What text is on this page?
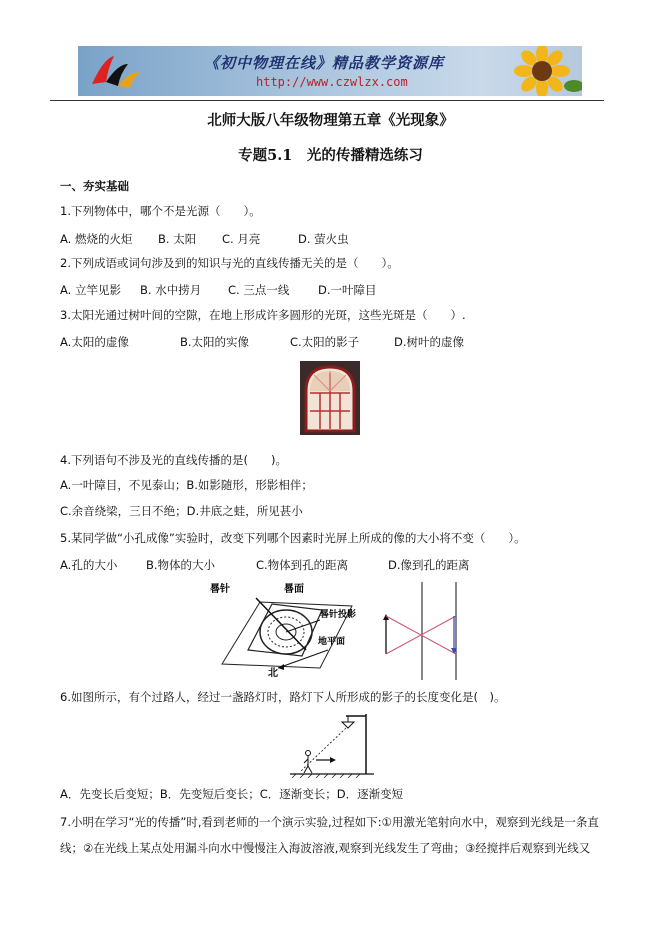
《初中物理在线》精品教学资源库
http://www.czwlzx.com
北师大版八年级物理第五章《光现象》
专题5.1　光的传播精选练习
一、夯实基础
1.下列物体中，哪个不是光源（　　）。
A. 燃烧的火炬 B. 太阳 C. 月亮	D. 萤火虫
2.下列成语或词句涉及到的知识与光的直线传播无关的是（　　）。
A. 立竿见影 B. 水中捞月 C. 三点一线 D.一叶障目
3.太阳光通过树叶间的空隙，在地上形成许多圆形的光斑，这些光斑是（　　）.
A.太阳的虚像	B.太阳的实像	C.太阳的影子	D.树叶的虚像
4.下列语句不涉及光的直线传播的是(　　)。
A.一叶障目，不见泰山；B.如影随形，形影相伴；
C.余音绕梁，三日不绝；D.井底之蛙，所见甚小
5.某同学做“小孔成像”实验时，改变下列哪个因素时光屏上所成的像的大小将不变（　　）。
A.孔的大小 B.物体的大小	C.物体到孔的距离	D.像到孔的距离
晷针	晷面
晷针投影
地平面
北
6.如图所示，有个过路人，经过一盏路灯时，路灯下人所形成的影子的长度变化是(　)。
A．先变长后变短；B．先变短后变长；C．逐渐变长；D．逐渐变短
7.小明在学习“光的传播”时,看到老师的一个演示实验,过程如下:①用激光笔射向水中，观察到光线是一条直
线；②在光线上某点处用漏斗向水中慢慢注入海波溶液,观察到光线发生了弯曲；③经搅拌后观察到光线又
